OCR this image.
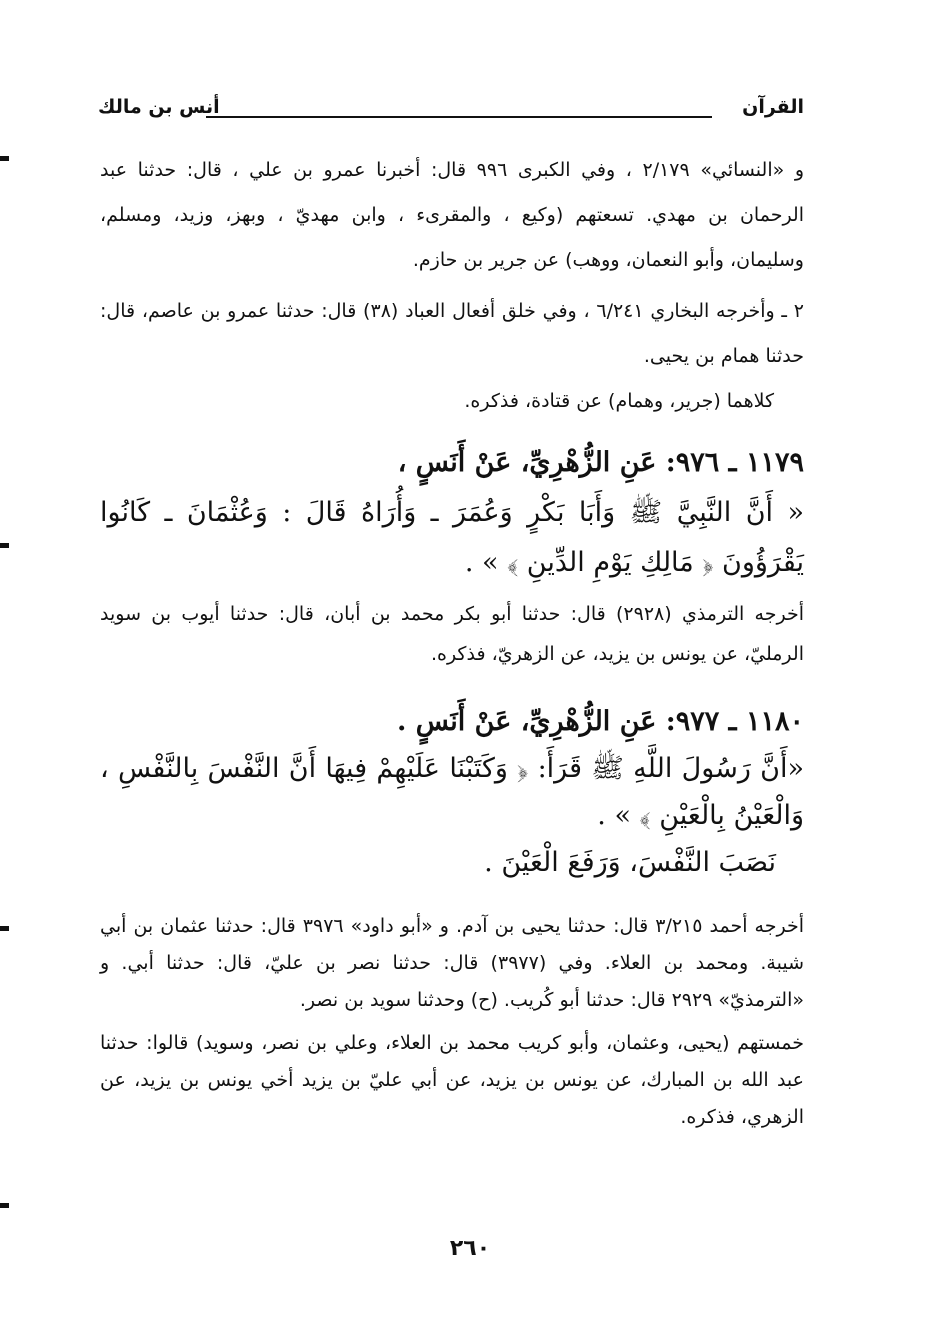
القرآن
أنس بن مالك

و «النسائي» ٢/١٧٩ ، وفي الكبرى ٩٩٦ قال: أخبرنا عمرو بن علي ، قال: حدثنا عبد الرحمان بن مهدي. تسعتهم (وكيع ، والمقرىء ، وابن مهديّ ، وبهز، وزيد، ومسلم، وسليمان، وأبو النعمان، ووهب) عن جرير بن حازم.

٢ ـ وأخرجه البخاري ٦/٢٤١ ، وفي خلق أفعال العباد (٣٨) قال: حدثنا عمرو بن عاصم، قال: حدثنا همام بن يحيى.

كلاهما (جرير، وهمام) عن قتادة، فذكره.

١١٧٩ ـ ٩٧٦: عَنِ الزُّهْرِيِّ، عَنْ أَنَسٍ ،

« أَنَّ النَّبِيَّ ﷺ وَأَبَا بَكْرٍ وَعُمَرَ ـ وَأُرَاهُ قَالَ : وَعُثْمَانَ ـ كَانُوا يَقْرَؤُونَ ﴿ مَالِكِ يَوْمِ الدِّينِ ﴾ » .

أخرجه الترمذي (٢٩٢٨) قال: حدثنا أبو بكر محمد بن أبان، قال: حدثنا أيوب بن سويد الرمليّ، عن يونس بن يزيد، عن الزهريّ، فذكره.

١١٨٠ ـ ٩٧٧: عَنِ الزُّهْرِيِّ، عَنْ أَنَسٍ .

«أَنَّ رَسُولَ اللَّهِ ﷺ قَرَأَ: ﴿ وَكَتَبْنَا عَلَيْهِمْ فِيهَا أَنَّ النَّفْسَ بِالنَّفْسِ ، وَالْعَيْنُ بِالْعَيْنِ ﴾ » .

نَصَبَ النَّفْسَ، وَرَفَعَ الْعَيْنَ .

أخرجه أحمد ٣/٢١٥ قال: حدثنا يحيى بن آدم. و «أبو داود» ٣٩٧٦ قال: حدثنا عثمان بن أبي شيبة. ومحمد بن العلاء. وفي (٣٩٧٧) قال: حدثنا نصر بن عليّ، قال: حدثنا أبي. و «الترمذيّ» ٢٩٢٩ قال: حدثنا أبو كُريب. (ح) وحدثنا سويد بن نصر.

خمستهم (يحيى، وعثمان، وأبو كريب محمد بن العلاء، وعلي بن نصر، وسويد) قالوا: حدثنا عبد الله بن المبارك، عن يونس بن يزيد، عن أبي عليّ بن يزيد أخي يونس بن يزيد، عن الزهري، فذكره.

٢٦٠
